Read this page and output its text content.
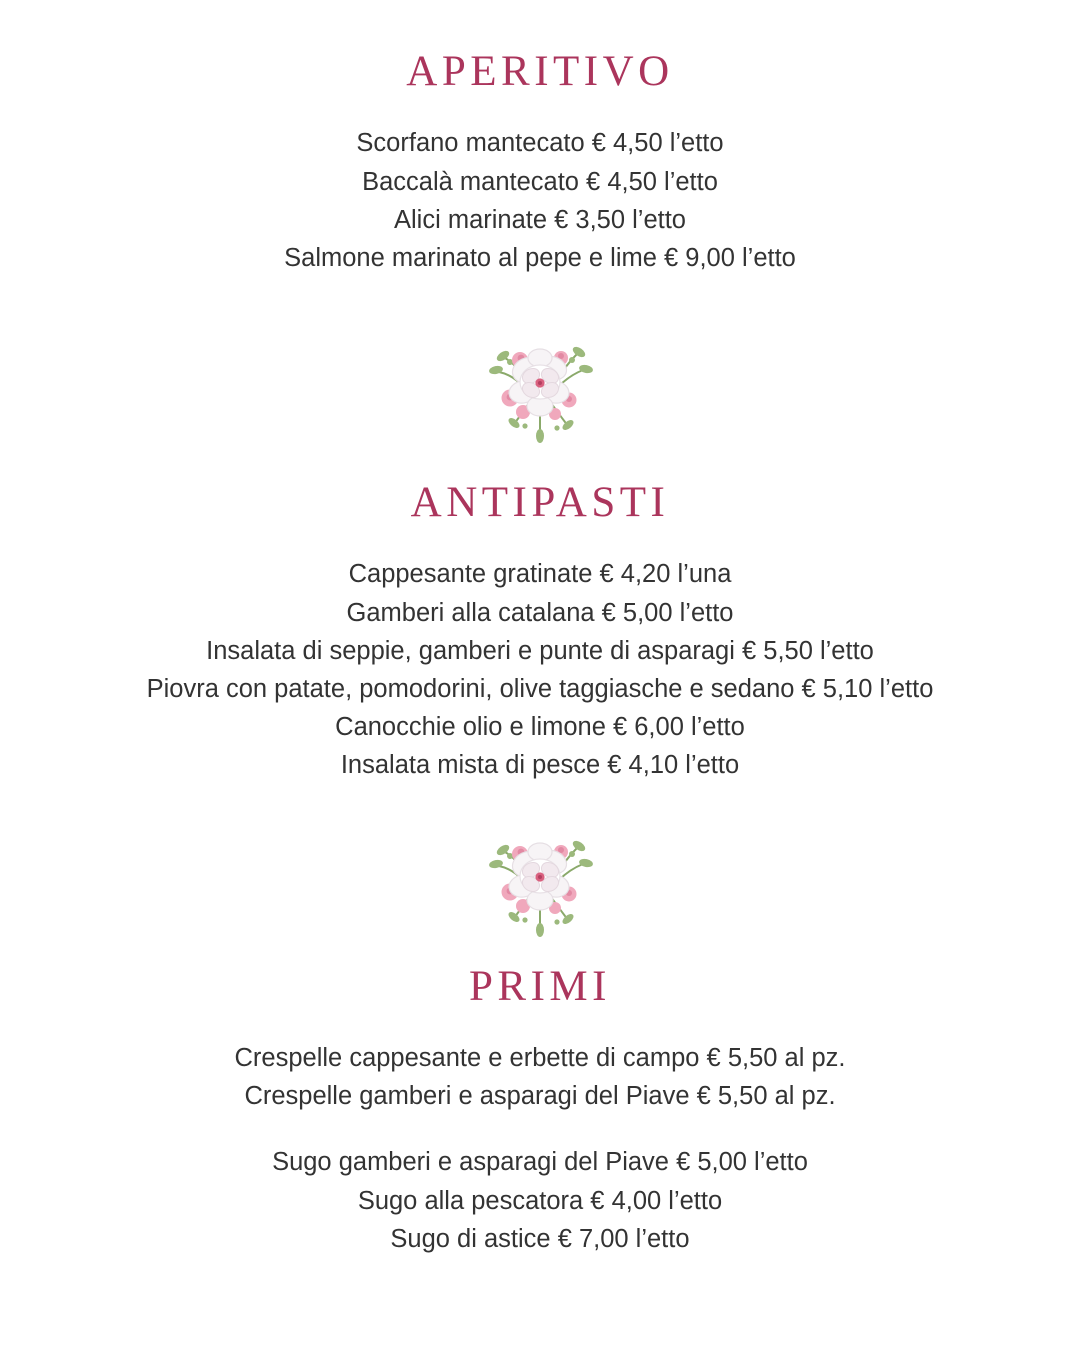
APERITIVO
Scorfano mantecato € 4,50 l’etto
Baccalà mantecato € 4,50 l’etto
Alici marinate € 3,50 l’etto
Salmone marinato al pepe e lime € 9,00 l’etto
ANTIPASTI
Cappesante gratinate € 4,20 l’una
Gamberi alla catalana € 5,00 l’etto
Insalata di seppie, gamberi e punte di asparagi € 5,50 l’etto
Piovra con patate, pomodorini, olive taggiasche e sedano € 5,10 l’etto
Canocchie olio e limone € 6,00 l’etto
Insalata mista di pesce € 4,10 l’etto
PRIMI
Crespelle cappesante e erbette di campo € 5,50 al pz.
Crespelle gamberi e asparagi del Piave € 5,50 al pz.
Sugo gamberi e asparagi del Piave € 5,00 l’etto
Sugo alla pescatora € 4,00 l’etto
Sugo di astice € 7,00 l’etto
